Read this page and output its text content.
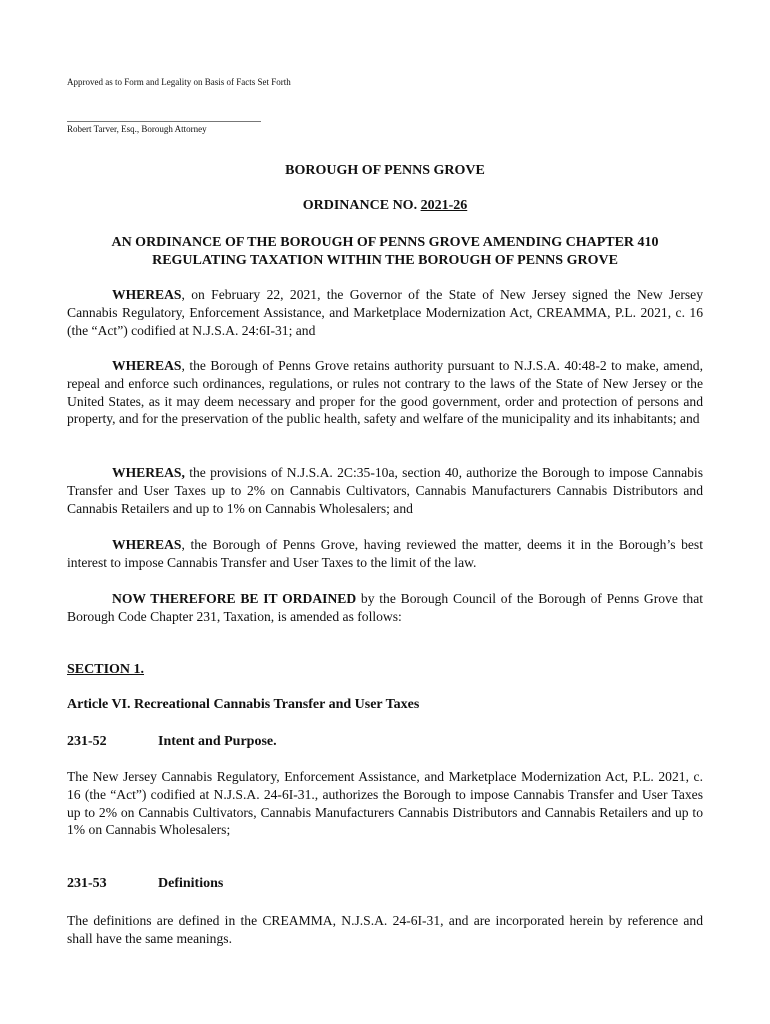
Approved as to Form and Legality on Basis of Facts Set Forth
Robert Tarver, Esq., Borough Attorney
BOROUGH OF PENNS GROVE
ORDINANCE NO. 2021-26
AN ORDINANCE OF THE BOROUGH OF PENNS GROVE AMENDING CHAPTER 410
REGULATING TAXATION WITHIN THE BOROUGH OF PENNS GROVE

WHEREAS, on February 22, 2021, the Governor of the State of New Jersey signed the New Jersey Cannabis Regulatory, Enforcement Assistance, and Marketplace Modernization Act, CREAMMA, P.L. 2021, c. 16 (the “Act”) codified at N.J.S.A. 24:6I-31; and

WHEREAS, the Borough of Penns Grove retains authority pursuant to N.J.S.A. 40:48-2 to make, amend, repeal and enforce such ordinances, regulations, or rules not contrary to the laws of the State of New Jersey or the United States, as it may deem necessary and proper for the good government, order and protection of persons and property, and for the preservation of the public health, safety and welfare of the municipality and its inhabitants; and

WHEREAS, the provisions of N.J.S.A. 2C:35-10a, section 40, authorize the Borough to impose Cannabis Transfer and User Taxes up to 2% on Cannabis Cultivators, Cannabis Manufacturers Cannabis Distributors and Cannabis Retailers and up to 1% on Cannabis Wholesalers; and

WHEREAS, the Borough of Penns Grove, having reviewed the matter, deems it in the Borough’s best interest to impose Cannabis Transfer and User Taxes to the limit of the law.

NOW THEREFORE BE IT ORDAINED by the Borough Council of the Borough of Penns Grove that Borough Code Chapter 231, Taxation, is amended as follows:

SECTION 1.
Article VI. Recreational Cannabis Transfer and User Taxes
231-52	Intent and Purpose.

The New Jersey Cannabis Regulatory, Enforcement Assistance, and Marketplace Modernization Act, P.L. 2021, c. 16 (the “Act”) codified at N.J.S.A. 24-6I-31., authorizes the Borough to impose Cannabis Transfer and User Taxes up to 2% on Cannabis Cultivators, Cannabis Manufacturers Cannabis Distributors and Cannabis Retailers and up to 1% on Cannabis Wholesalers;

231-53	Definitions

The definitions are defined in the CREAMMA, N.J.S.A. 24-6I-31, and are incorporated herein by reference and shall have the same meanings.
